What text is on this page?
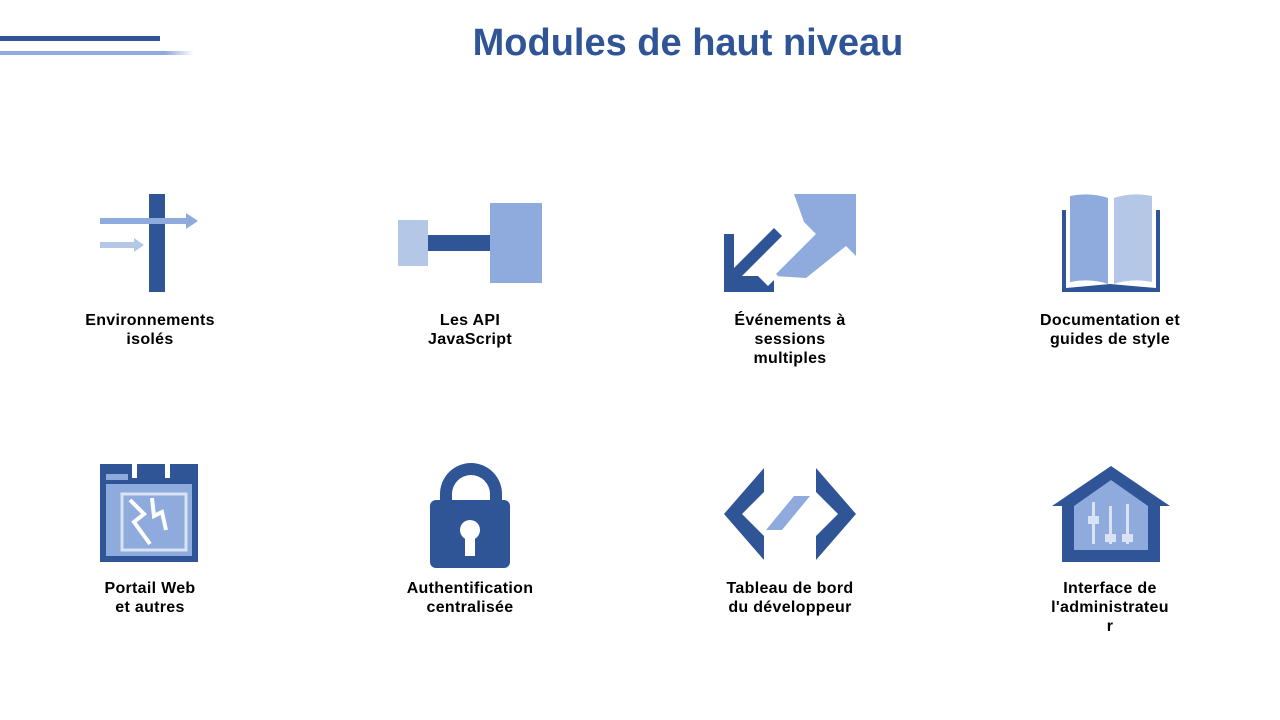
Modules de haut niveau
Environnements
isolés
Les API
JavaScript
Événements à
sessions
multiples
Documentation et
guides de style
Portail Web
et autres
Authentification
centralisée
Tableau de bord
du développeur
Interface de
l'administrateu
r
